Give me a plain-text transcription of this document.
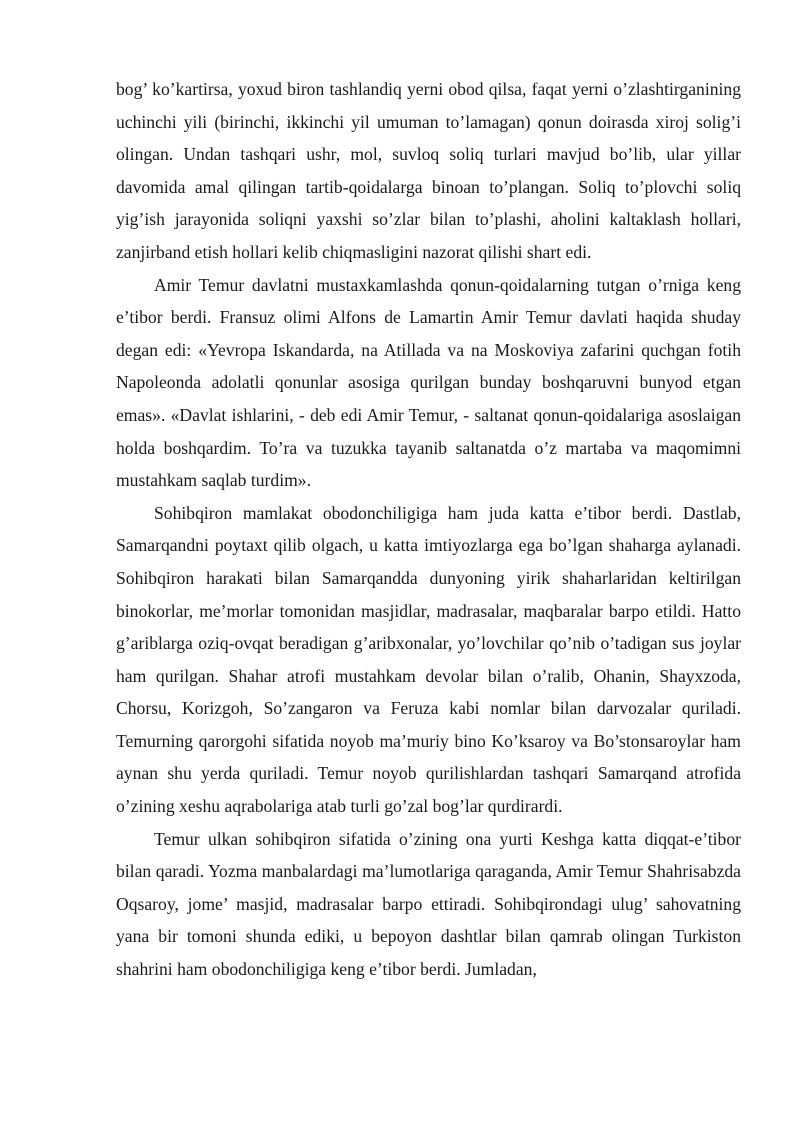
bog’ ko’kartirsa, yoxud biron tashlandiq yerni obod qilsa, faqat yerni o’zlashtirganining uchinchi yili (birinchi, ikkinchi yil umuman to’lamagan) qonun doirasda xiroj solig’i olingan. Undan tashqari ushr, mol, suvloq soliq turlari mavjud bo’lib, ular yillar davomida amal qilingan tartib-qoidalarga binoan to’plangan. Soliq to’plovchi soliq yig’ish jarayonida soliqni yaxshi so’zlar bilan to’plashi, aholini kaltaklash hollari, zanjirband etish hollari kelib chiqmasligini nazorat qilishi shart edi.

Amir Temur davlatni mustaxkamlashda qonun-qoidalarning tutgan o’rniga keng e’tibor berdi. Fransuz olimi Alfons de Lamartin Amir Temur davlati haqida shuday degan edi: «Yevropa Iskandarda, na Atillada va na Moskoviya zafarini quchgan fotih Napoleonda adolatli qonunlar asosiga qurilgan bunday boshqaruvni bunyod etgan emas». «Davlat ishlarini, - deb edi Amir Temur, - saltanat qonun-qoidalariga asoslaigan holda boshqardim. To’ra va tuzukka tayanib saltanatda o’z martaba va maqomimni mustahkam saqlab turdim».

Sohibqiron mamlakat obodonchiligiga ham juda katta e’tibor berdi. Dastlab, Samarqandni poytaxt qilib olgach, u katta imtiyozlarga ega bo’lgan shaharga aylanadi. Sohibqiron harakati bilan Samarqandda dunyoning yirik shaharlaridan keltirilgan binokorlar, me’morlar tomonidan masjidlar, madrasalar, maqbaralar barpo etildi. Hatto g’ariblarga oziq-ovqat beradigan g’aribxonalar, yo’lovchilar qo’nib o’tadigan sus joylar ham qurilgan. Shahar atrofi mustahkam devolar bilan o’ralib, Ohanin, Shayxzoda, Chorsu, Korizgoh, So’zangaron va Feruza kabi nomlar bilan darvozalar quriladi. Temurning qarorgohi sifatida noyob ma’muriy bino Ko’ksaroy va Bo’stonsaroylar ham aynan shu yerda quriladi. Temur noyob qurilishlardan tashqari Samarqand atrofida o’zining xeshu aqrabolariga atab turli go’zal bog’lar qurdirardi.

Temur ulkan sohibqiron sifatida o’zining ona yurti Keshga katta diqqat-e’tibor bilan qaradi. Yozma manbalardagi ma’lumotlariga qaraganda, Amir Temur Shahrisabzda Oqsaroy, jome’ masjid, madrasalar barpo ettiradi. Sohibqirondagi ulug’ sahovatning yana bir tomoni shunda ediki, u bepoyon dashtlar bilan qamrab olingan Turkiston shahrini ham obodonchiligiga keng e’tibor berdi. Jumladan,
